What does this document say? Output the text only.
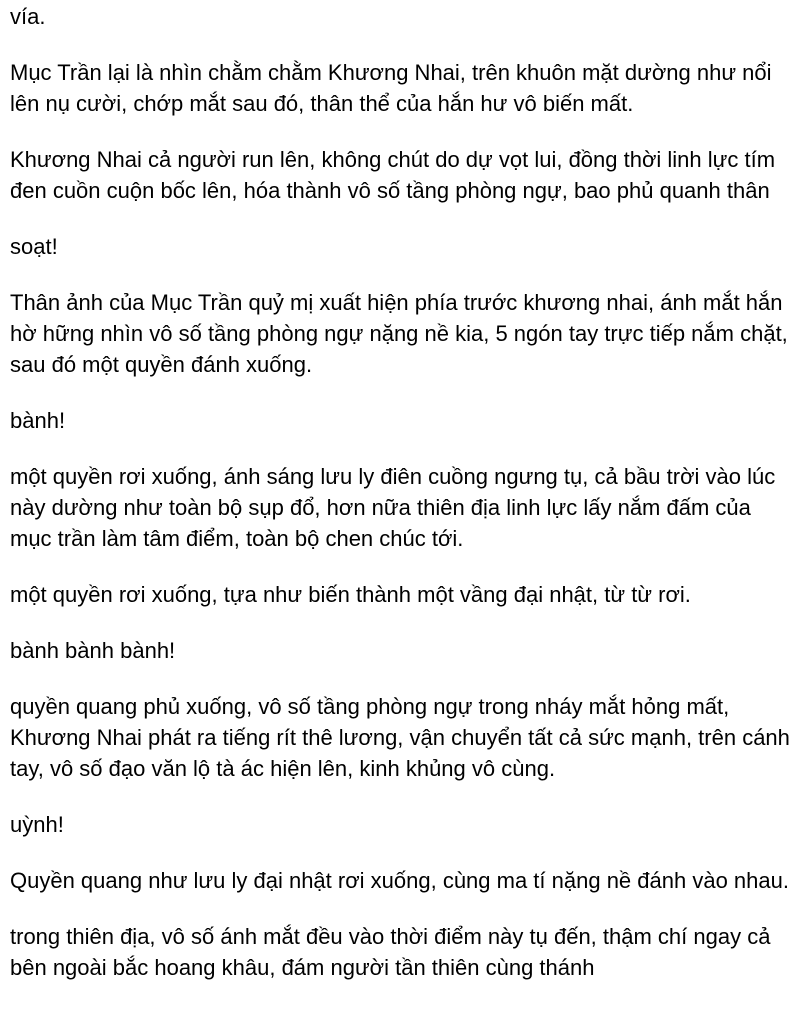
vía.

Mục Trần lại là nhìn chằm chằm Khương Nhai, trên khuôn mặt dường như nổi lên nụ cười, chớp mắt sau đó, thân thể của hắn hư vô biến mất.

Khương Nhai cả người run lên, không chút do dự vọt lui, đồng thời linh lực tím đen cuồn cuộn bốc lên, hóa thành vô số tầng phòng ngự, bao phủ quanh thân

soạt!

Thân ảnh của Mục Trần quỷ mị xuất hiện phía trước khương nhai, ánh mắt hắn hờ hững nhìn vô số tầng phòng ngự nặng nề kia, 5 ngón tay trực tiếp nắm chặt, sau đó một quyền đánh xuống.

bành!

một quyền rơi xuống, ánh sáng lưu ly điên cuồng ngưng tụ, cả bầu trời vào lúc này dường như toàn bộ sụp đổ, hơn nữa thiên địa linh lực lấy nắm đấm của mục trần làm tâm điểm, toàn bộ chen chúc tới.

một quyền rơi xuống, tựa như biến thành một vầng đại nhật, từ từ rơi.

bành bành bành!

quyền quang phủ xuống, vô số tầng phòng ngự trong nháy mắt hỏng mất, Khương Nhai phát ra tiếng rít thê lương, vận chuyển tất cả sức mạnh, trên cánh tay, vô số đạo văn lộ tà ác hiện lên, kinh khủng vô cùng.

uỳnh!

Quyền quang như lưu ly đại nhật rơi xuống, cùng ma tí nặng nề đánh vào nhau.

trong thiên địa, vô số ánh mắt đều vào thời điểm này tụ đến, thậm chí ngay cả bên ngoài bắc hoang khâu, đám người tần thiên cùng thánh
